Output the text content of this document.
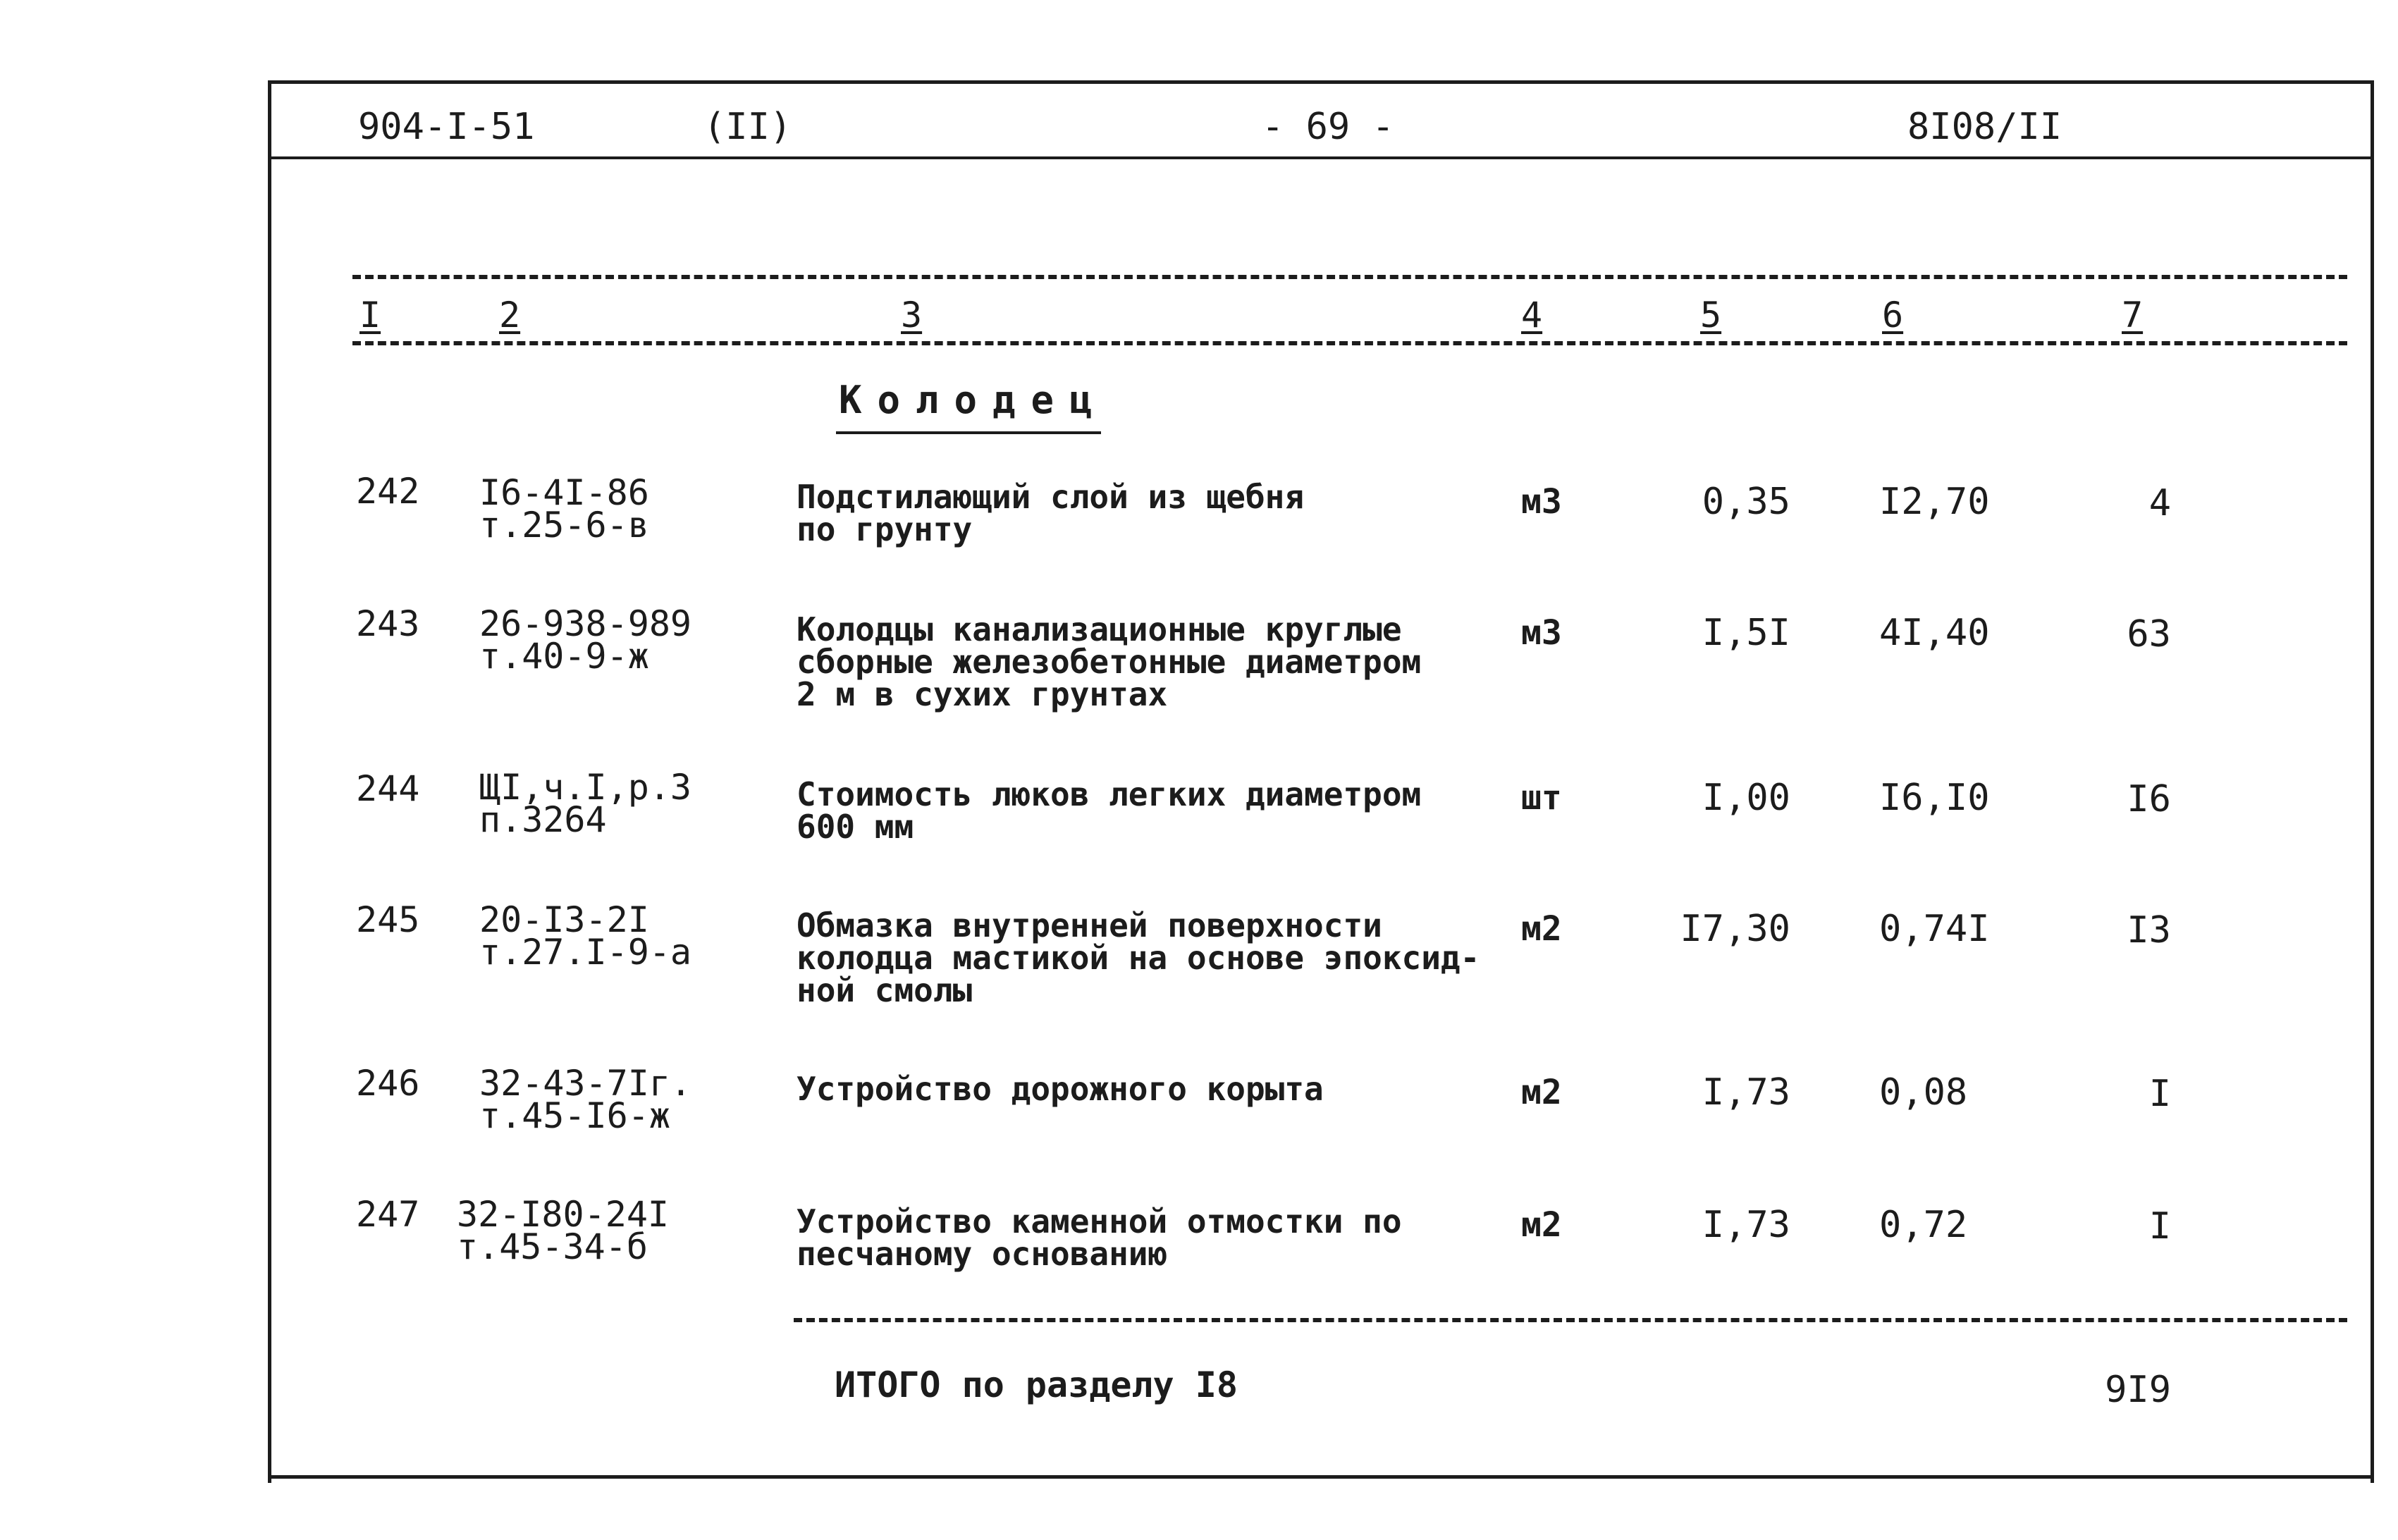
904-I-51	(II)	- 69 -	8I08/II
I	2	3	4	5	6	7
Колодец
242 I6-4I-86
т.25-6-в
Подстилающий слой из щебня
по грунту
м3	0,35 I2,70	4
243 26-938-989
т.40-9-ж
Колодцы канализационные круглые
сборные железобетонные диаметром
2 м в сухих грунтах
м3	I,5I 4I,40	63
244 ЩI,ч.I,р.3
п.3264
Стоимость люков легких диаметром
600 мм
шт	I,00 I6,I0	I6
245 20-I3-2I
т.27.I-9-а
Обмазка внутренней поверхности
колодца мастикой на основе эпоксид-
ной смолы
м2	I7,30 0,74I	I3
246 32-43-7Iг.
т.45-I6-ж
Устройство дорожного корыта	м2	I,73 0,08	I
247 32-I80-24I
т.45-34-б
Устройство каменной отмостки по
песчаному основанию
м2	I,73 0,72	I
ИТОГО по разделу I8	9I9
